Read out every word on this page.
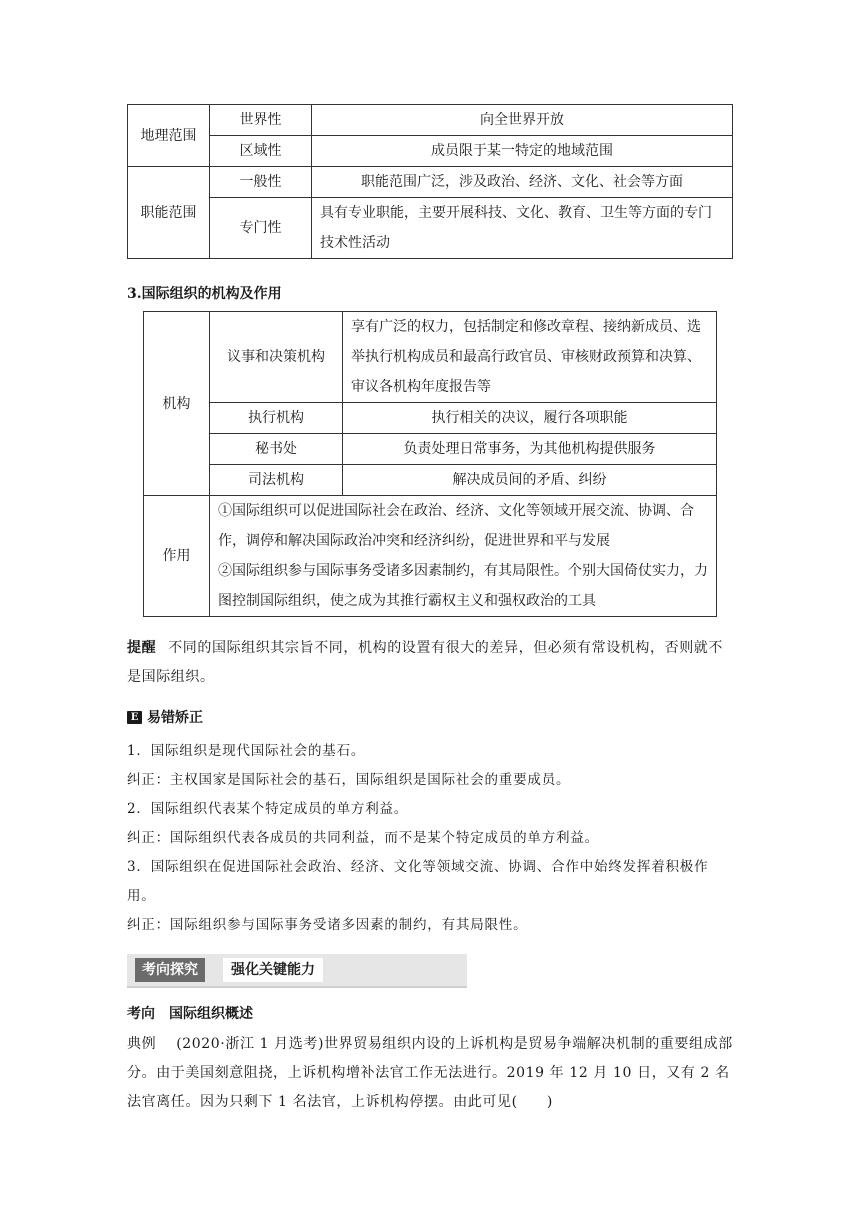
地理范围	世界性	向全世界开放
	区域性	成员限于某一特定的地域范围
职能范围	一般性	职能范围广泛，涉及政治、经济、文化、社会等方面
	专门性	具有专业职能，主要开展科技、文化、教育、卫生等方面的专门技术性活动
3.国际组织的机构及作用
机构	议事和决策机构	享有广泛的权力，包括制定和修改章程、接纳新成员、选举执行机构成员和最高行政官员、审核财政预算和决算、审议各机构年度报告等
	执行机构	执行相关的决议，履行各项职能
	秘书处	负责处理日常事务，为其他机构提供服务
	司法机构	解决成员间的矛盾、纠纷
作用	①国际组织可以促进国际社会在政治、经济、文化等领域开展交流、协调、合作，调停和解决国际政治冲突和经济纠纷，促进世界和平与发展
②国际组织参与国际事务受诸多因素制约，有其局限性。个别大国倚仗实力，力图控制国际组织，使之成为其推行霸权主义和强权政治的工具	
提醒 不同的国际组织其宗旨不同，机构的设置有很大的差异，但必须有常设机构，否则就不是国际组织。
E 易错矫正

1．国际组织是现代国际社会的基石。

纠正：主权国家是国际社会的基石，国际组织是国际社会的重要成员。

2．国际组织代表某个特定成员的单方利益。

纠正：国际组织代表各成员的共同利益，而不是某个特定成员的单方利益。

3．国际组织在促进国际社会政治、经济、文化等领域交流、协调、合作中始终发挥着积极作用。

纠正：国际组织参与国际事务受诸多因素的制约，有其局限性。

考向探究	强化关键能力
考向　国际组织概述
典例 (2020·浙江 1 月选考)世界贸易组织内设的上诉机构是贸易争端解决机制的重要组成部分。由于美国刻意阻挠，上诉机构增补法官工作无法进行。2019 年 12 月 10 日，又有 2 名法官离任。因为只剩下 1 名法官，上诉机构停摆。由此可见(　　)
